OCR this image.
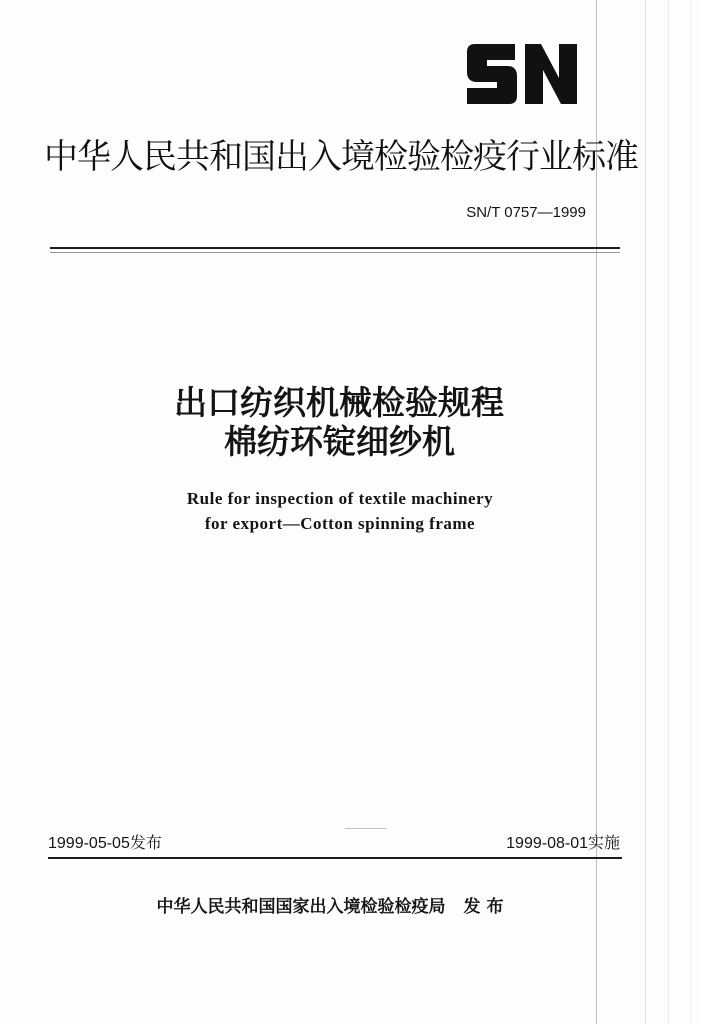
中华人民共和国出入境检验检疫行业标准
SN/T 0757—1999
出口纺织机械检验规程
棉纺环锭细纱机
Rule for inspection of textile machinery
for export—Cotton spinning frame
1999-05-05发布	1999-08-01实施
中华人民共和国国家出入境检验检疫局 发 布
